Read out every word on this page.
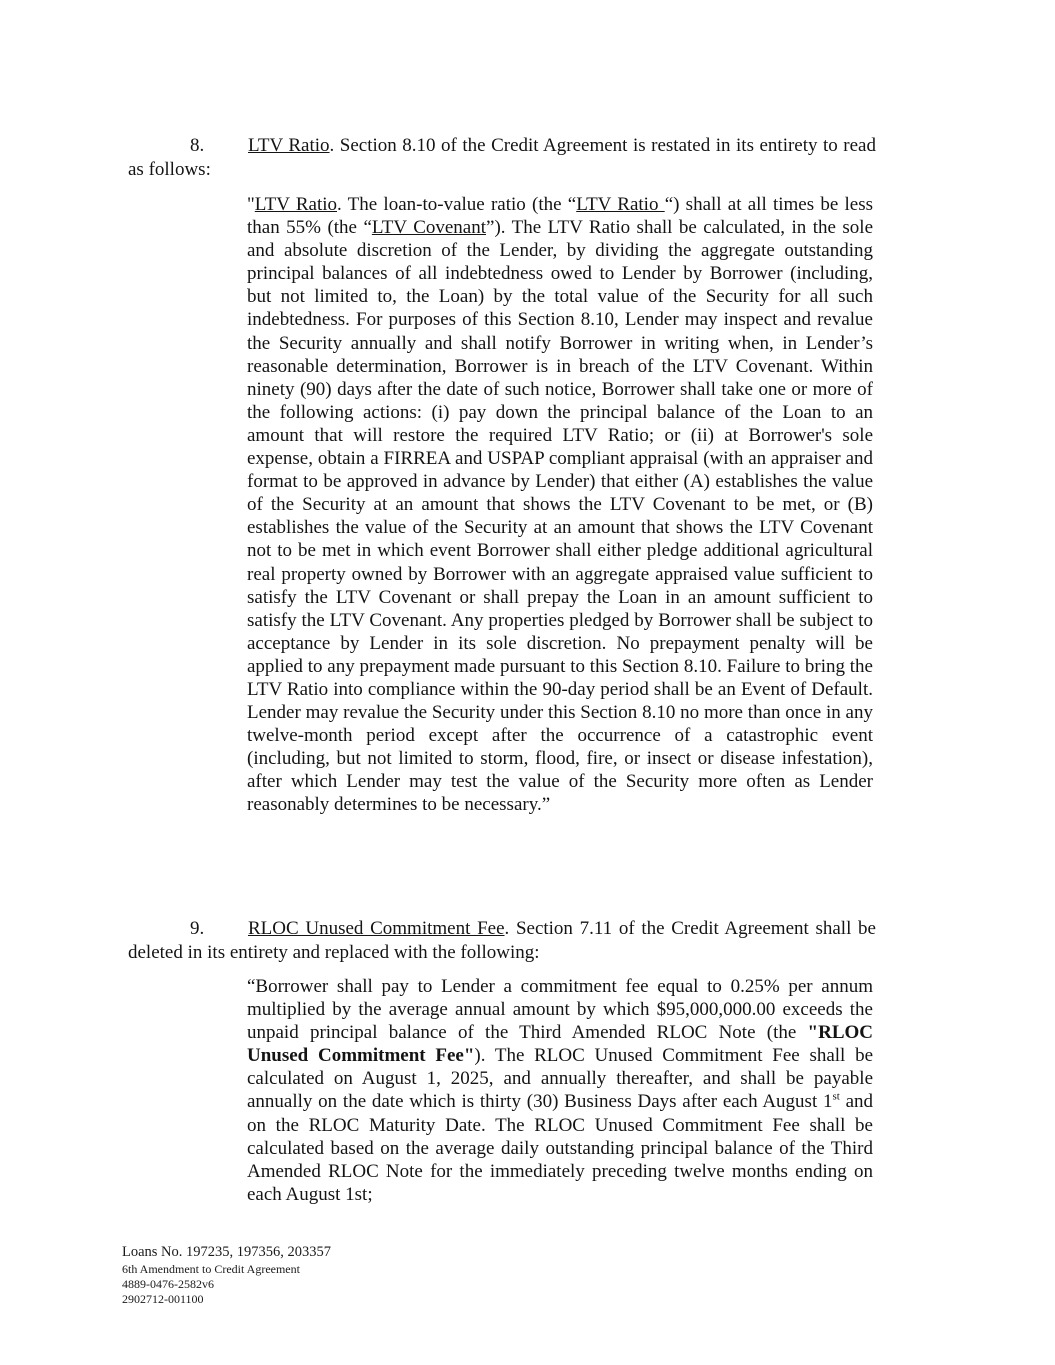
8. LTV Ratio. Section 8.10 of the Credit Agreement is restated in its entirety to read as follows:

"LTV Ratio. The loan-to-value ratio (the “LTV Ratio “) shall at all times be less than 55% (the “LTV Covenant”). The LTV Ratio shall be calculated, in the sole and absolute discretion of the Lender, by dividing the aggregate outstanding principal balances of all indebtedness owed to Lender by Borrower (including, but not limited to, the Loan) by the total value of the Security for all such indebtedness. For purposes of this Section 8.10, Lender may inspect and revalue the Security annually and shall notify Borrower in writing when, in Lender’s reasonable determination, Borrower is in breach of the LTV Covenant. Within ninety (90) days after the date of such notice, Borrower shall take one or more of the following actions: (i) pay down the principal balance of the Loan to an amount that will restore the required LTV Ratio; or (ii) at Borrower's sole expense, obtain a FIRREA and USPAP compliant appraisal (with an appraiser and format to be approved in advance by Lender) that either (A) establishes the value of the Security at an amount that shows the LTV Covenant to be met, or (B) establishes the value of the Security at an amount that shows the LTV Covenant not to be met in which event Borrower shall either pledge additional agricultural real property owned by Borrower with an aggregate appraised value sufficient to satisfy the LTV Covenant or shall prepay the Loan in an amount sufficient to satisfy the LTV Covenant. Any properties pledged by Borrower shall be subject to acceptance by Lender in its sole discretion. No prepayment penalty will be applied to any prepayment made pursuant to this Section 8.10. Failure to bring the LTV Ratio into compliance within the 90-day period shall be an Event of Default. Lender may revalue the Security under this Section 8.10 no more than once in any twelve-month period except after the occurrence of a catastrophic event (including, but not limited to storm, flood, fire, or insect or disease infestation), after which Lender may test the value of the Security more often as Lender reasonably determines to be necessary.”

9. RLOC Unused Commitment Fee. Section 7.11 of the Credit Agreement shall be deleted in its entirety and replaced with the following:

“Borrower shall pay to Lender a commitment fee equal to 0.25% per annum multiplied by the average annual amount by which $95,000,000.00 exceeds the unpaid principal balance of the Third Amended RLOC Note (the "RLOC Unused Commitment Fee"). The RLOC Unused Commitment Fee shall be calculated on August 1, 2025, and annually thereafter, and shall be payable annually on the date which is thirty (30) Business Days after each August 1st and on the RLOC Maturity Date. The RLOC Unused Commitment Fee shall be calculated based on the average daily outstanding principal balance of the Third Amended RLOC Note for the immediately preceding twelve months ending on each August 1st;

Loans No. 197235, 197356, 203357
6th Amendment to Credit Agreement
4889-0476-2582v6
2902712-001100
